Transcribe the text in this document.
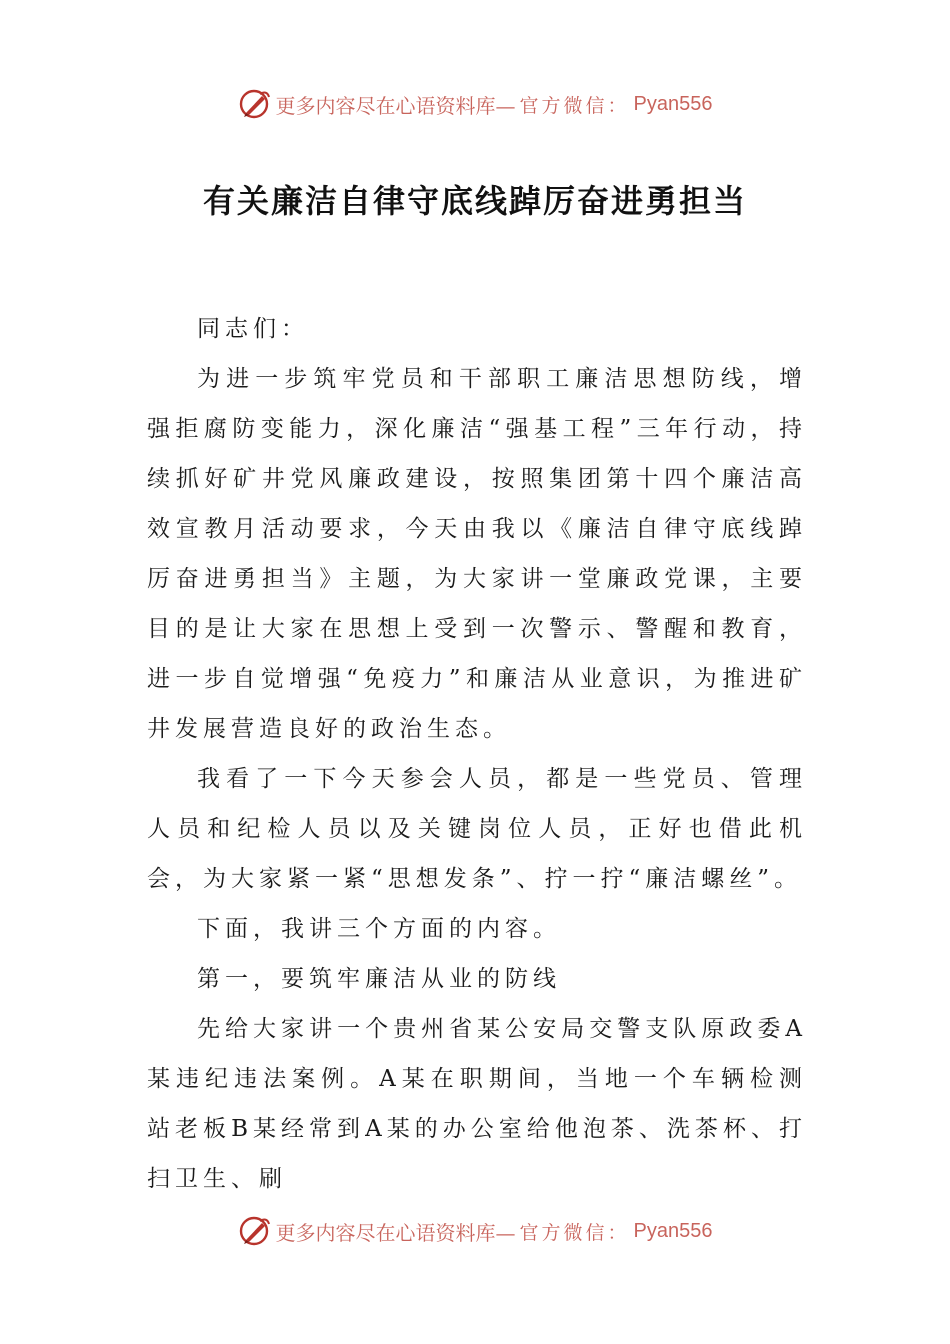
更多内容尽在心语资料库— 官方微信： Pyan556
有关廉洁自律守底线踔厉奋进勇担当

同志们：

为进一步筑牢党员和干部职工廉洁思想防线，增强拒腐防变能力，深化廉洁“强基工程”三年行动，持续抓好矿井党风廉政建设，按照集团第十四个廉洁高效宣教月活动要求，今天由我以《廉洁自律守底线踔厉奋进勇担当》主题，为大家讲一堂廉政党课，主要目的是让大家在思想上受到一次警示、警醒和教育，进一步自觉增强“免疫力”和廉洁从业意识，为推进矿井发展营造良好的政治生态。

我看了一下今天参会人员，都是一些党员、管理人员和纪检人员以及关键岗位人员，正好也借此机会，为大家紧一紧“思想发条”、拧一拧“廉洁螺丝”。

下面，我讲三个方面的内容。

第一，要筑牢廉洁从业的防线

先给大家讲一个贵州省某公安局交警支队原政委A某违纪违法案例。A某在职期间，当地一个车辆检测站老板B某经常到A某的办公室给他泡茶、洗茶杯、打扫卫生、刷

更多内容尽在心语资料库— 官方微信： Pyan556
